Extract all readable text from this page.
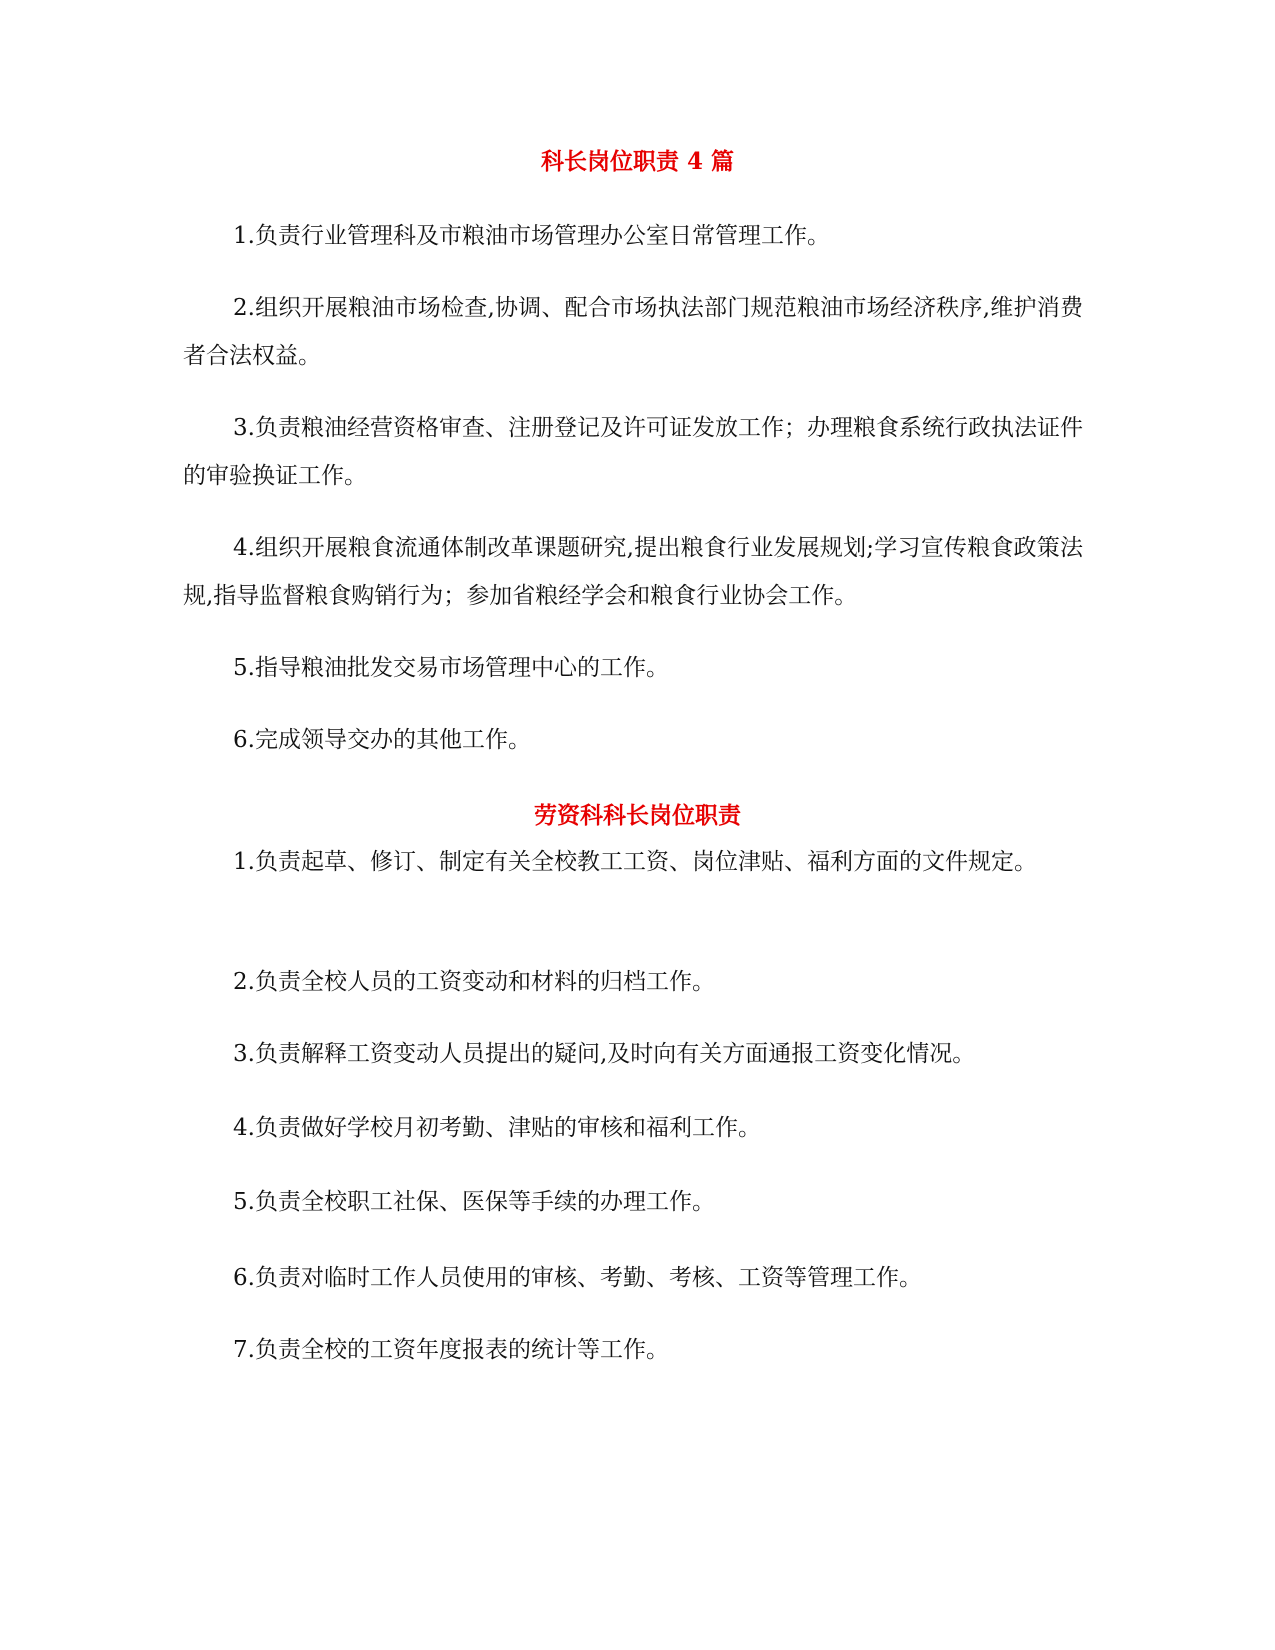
科长岗位职责 4 篇

1.负责行业管理科及市粮油市场管理办公室日常管理工作。

2.组织开展粮油市场检查,协调、配合市场执法部门规范粮油市场经济秩序,维护消费者合法权益。

3.负责粮油经营资格审查、注册登记及许可证发放工作；办理粮食系统行政执法证件的审验换证工作。

4.组织开展粮食流通体制改革课题研究,提出粮食行业发展规划;学习宣传粮食政策法规,指导监督粮食购销行为；参加省粮经学会和粮食行业协会工作。

5.指导粮油批发交易市场管理中心的工作。

6.完成领导交办的其他工作。

劳资科科长岗位职责

1.负责起草、修订、制定有关全校教工工资、岗位津贴、福利方面的文件规定。

2.负责全校人员的工资变动和材料的归档工作。

3.负责解释工资变动人员提出的疑问,及时向有关方面通报工资变化情况。

4.负责做好学校月初考勤、津贴的审核和福利工作。

5.负责全校职工社保、医保等手续的办理工作。

6.负责对临时工作人员使用的审核、考勤、考核、工资等管理工作。

7.负责全校的工资年度报表的统计等工作。
